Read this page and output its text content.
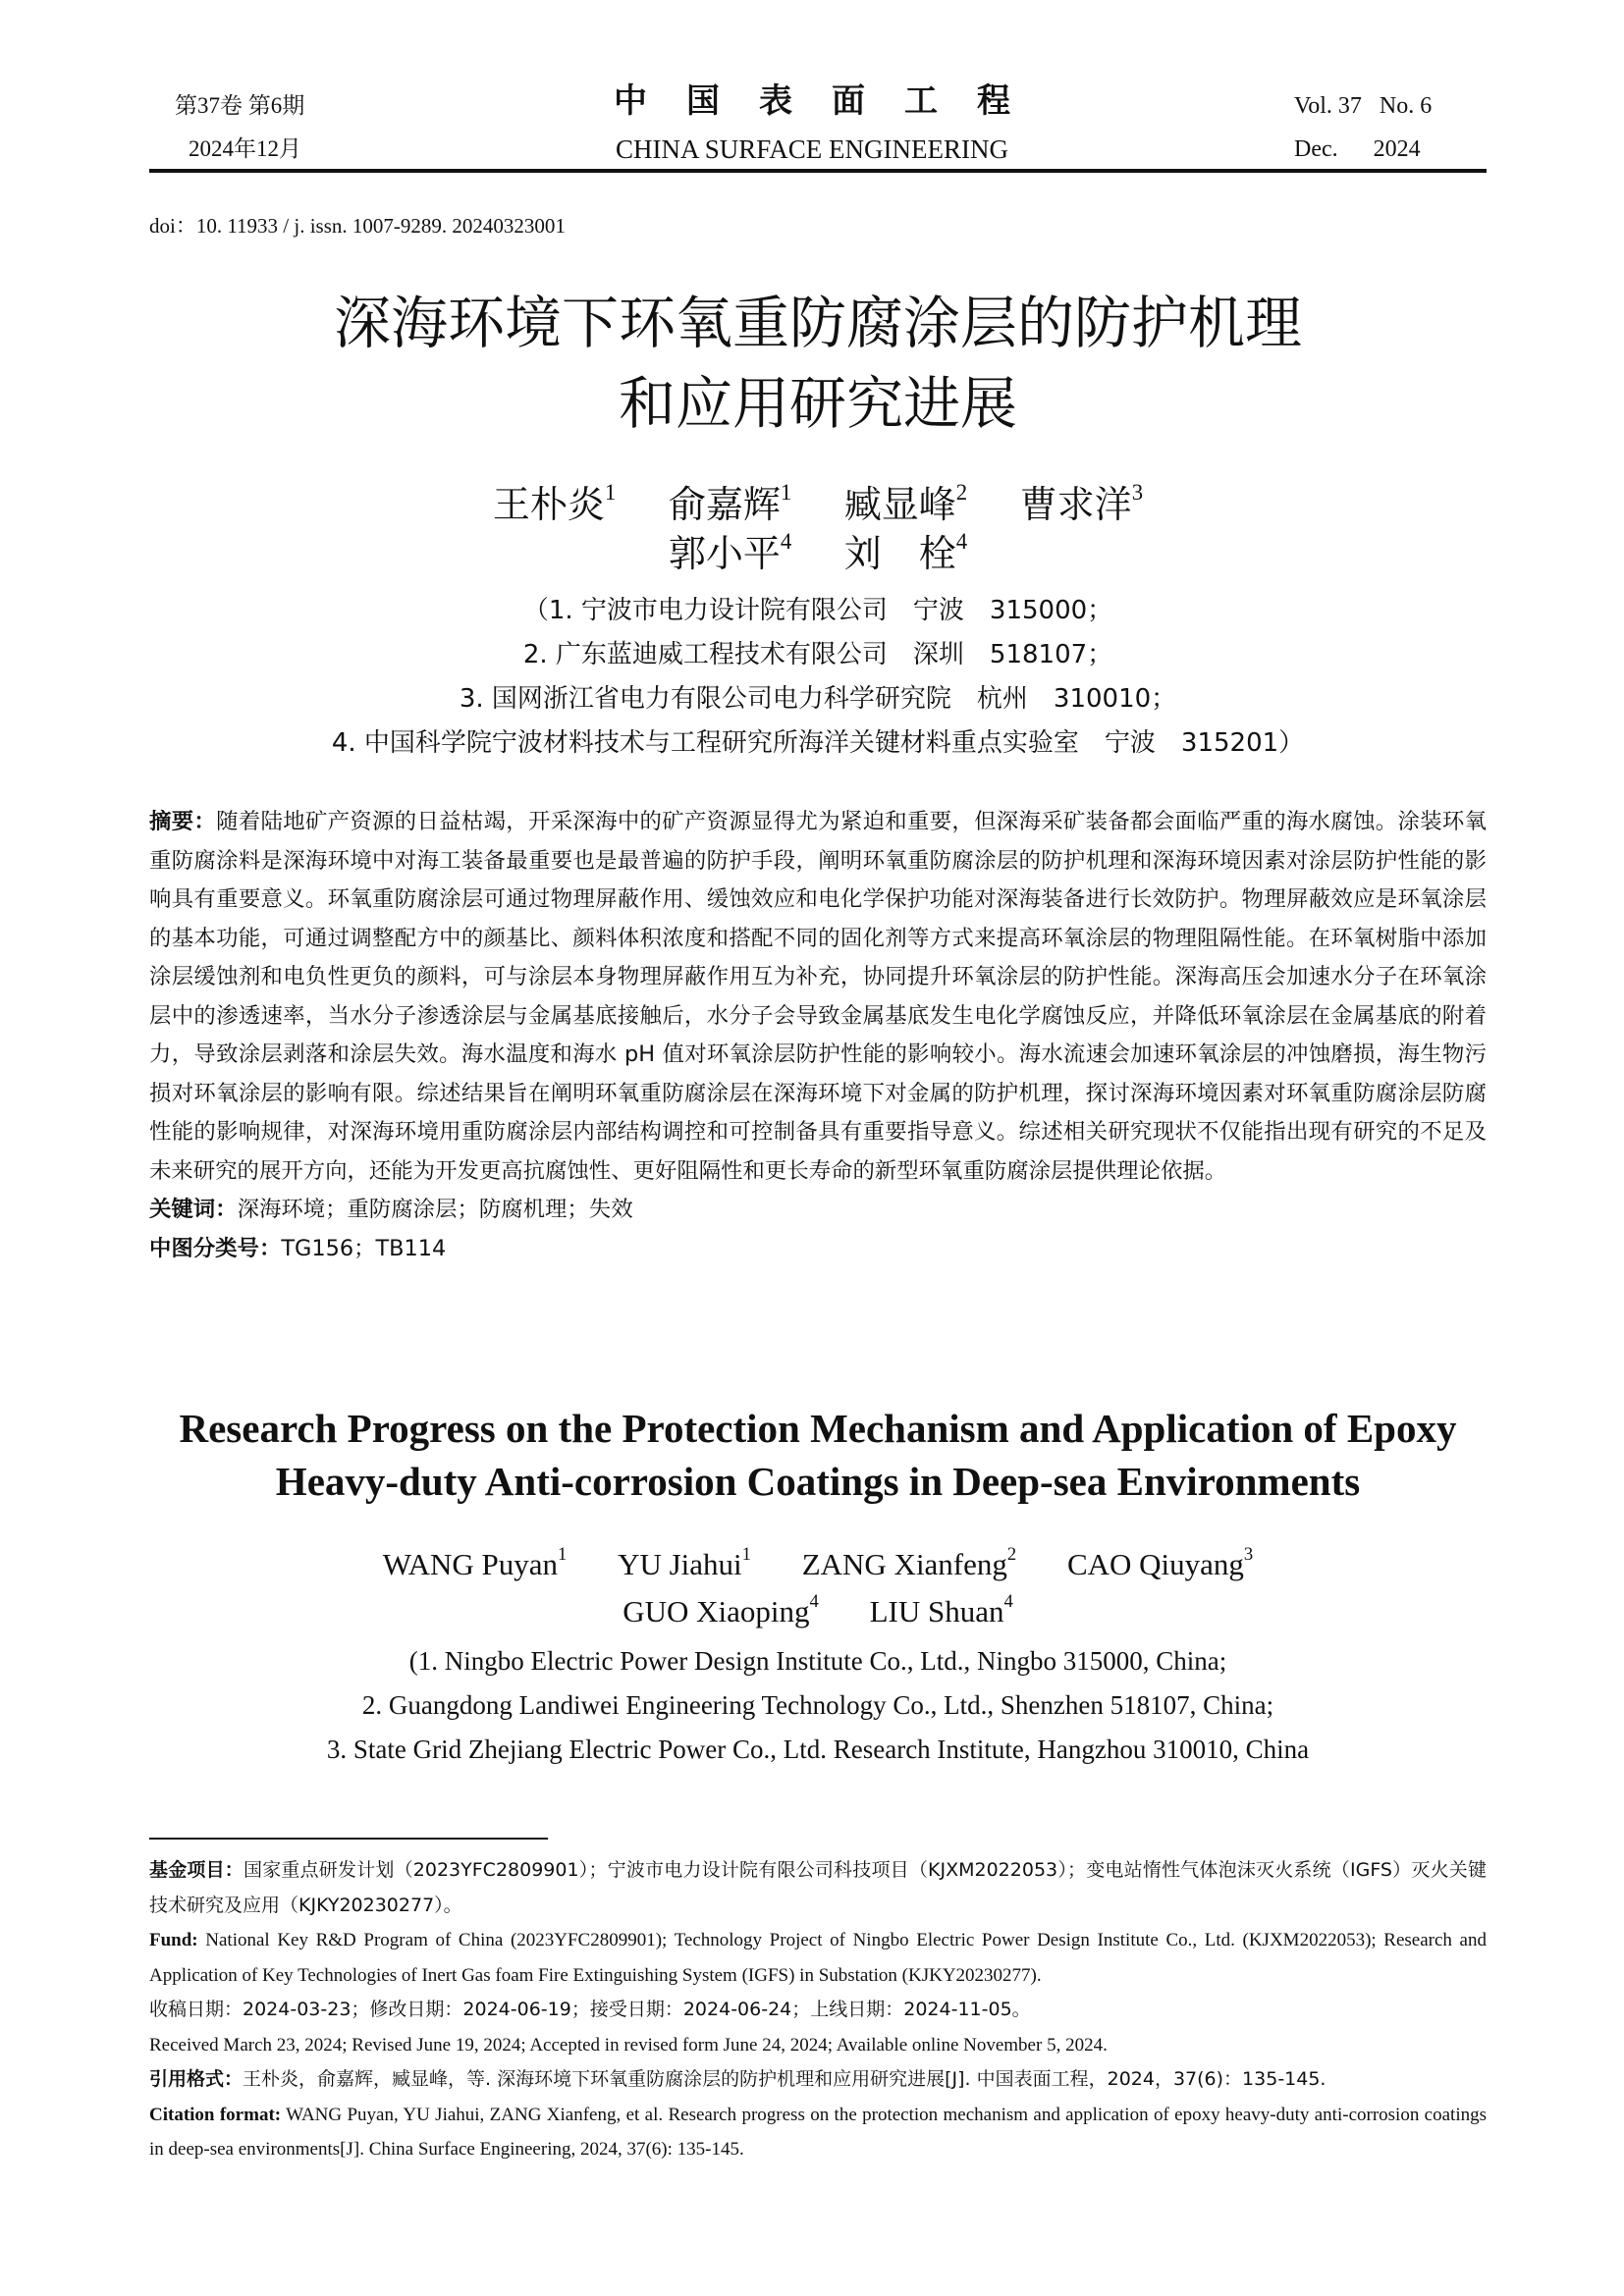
第37卷 第6期
2024年12月
中国表面工程
CHINA SURFACE ENGINEERING
Vol. 37 No. 6
Dec. 2024
doi：10. 11933 / j. issn. 1007-9289. 20240323001
深海环境下环氧重防腐涂层的防护机理
和应用研究进展
王朴炎$^1$ 俞嘉辉$^1$ 臧显峰$^2$ 曹求洋$^3$
郭小平$^4$ 刘　栓$^4$
（1. 宁波市电力设计院有限公司　宁波　315000；
2. 广东蓝迪威工程技术有限公司　深圳　518107；
3. 国网浙江省电力有限公司电力科学研究院　杭州　310010；
4. 中国科学院宁波材料技术与工程研究所海洋关键材料重点实验室　宁波　315201）
摘要：随着陆地矿产资源的日益枯竭，开采深海中的矿产资源显得尤为紧迫和重要，但深海采矿装备都会面临严重的海水腐蚀。涂装环氧重防腐涂料是深海环境中对海工装备最重要也是最普遍的防护手段，阐明环氧重防腐涂层的防护机理和深海环境因素对涂层防护性能的影响具有重要意义。环氧重防腐涂层可通过物理屏蔽作用、缓蚀效应和电化学保护功能对深海装备进行长效防护。物理屏蔽效应是环氧涂层的基本功能，可通过调整配方中的颜基比、颜料体积浓度和搭配不同的固化剂等方式来提高环氧涂层的物理阻隔性能。在环氧树脂中添加涂层缓蚀剂和电负性更负的颜料，可与涂层本身物理屏蔽作用互为补充，协同提升环氧涂层的防护性能。深海高压会加速水分子在环氧涂层中的渗透速率，当水分子渗透涂层与金属基底接触后，水分子会导致金属基底发生电化学腐蚀反应，并降低环氧涂层在金属基底的附着力，导致涂层剥落和涂层失效。海水温度和海水 pH 值对环氧涂层防护性能的影响较小。海水流速会加速环氧涂层的冲蚀磨损，海生物污损对环氧涂层的影响有限。综述结果旨在阐明环氧重防腐涂层在深海环境下对金属的防护机理，探讨深海环境因素对环氧重防腐涂层防腐性能的影响规律，对深海环境用重防腐涂层内部结构调控和可控制备具有重要指导意义。综述相关研究现状不仅能指出现有研究的不足及未来研究的展开方向，还能为开发更高抗腐蚀性、更好阻隔性和更长寿命的新型环氧重防腐涂层提供理论依据。
关键词：深海环境；重防腐涂层；防腐机理；失效
中图分类号：TG156；TB114
Research Progress on the Protection Mechanism and Application of Epoxy
Heavy-duty Anti-corrosion Coatings in Deep-sea Environments
WANG Puyan$^1$ YU Jiahui$^1$ ZANG Xianfeng$^2$ CAO Qiuyang$^3$
GUO Xiaoping$^4$ LIU Shuan$^4$
(1. Ningbo Electric Power Design Institute Co., Ltd., Ningbo 315000, China;
2. Guangdong Landiwei Engineering Technology Co., Ltd., Shenzhen 518107, China;
3. State Grid Zhejiang Electric Power Co., Ltd. Research Institute, Hangzhou 310010, China

基金项目：国家重点研发计划（2023YFC2809901）；宁波市电力设计院有限公司科技项目（KJXM2022053）；变电站惰性气体泡沫灭火系统（IGFS）灭火关键技术研究及应用（KJKY20230277）。

Fund: National Key R&D Program of China (2023YFC2809901); Technology Project of Ningbo Electric Power Design Institute Co., Ltd. (KJXM2022053); Research and Application of Key Technologies of Inert Gas foam Fire Extinguishing System (IGFS) in Substation (KJKY20230277).

收稿日期：2024-03-23；修改日期：2024-06-19；接受日期：2024-06-24；上线日期：2024-11-05。

Received March 23, 2024; Revised June 19, 2024; Accepted in revised form June 24, 2024; Available online November 5, 2024.

引用格式：王朴炎，俞嘉辉，臧显峰，等. 深海环境下环氧重防腐涂层的防护机理和应用研究进展[J]. 中国表面工程，2024，37(6)：135-145.

Citation format: WANG Puyan, YU Jiahui, ZANG Xianfeng, et al. Research progress on the protection mechanism and application of epoxy heavy-duty anti-corrosion coatings in deep-sea environments[J]. China Surface Engineering, 2024, 37(6): 135-145.
